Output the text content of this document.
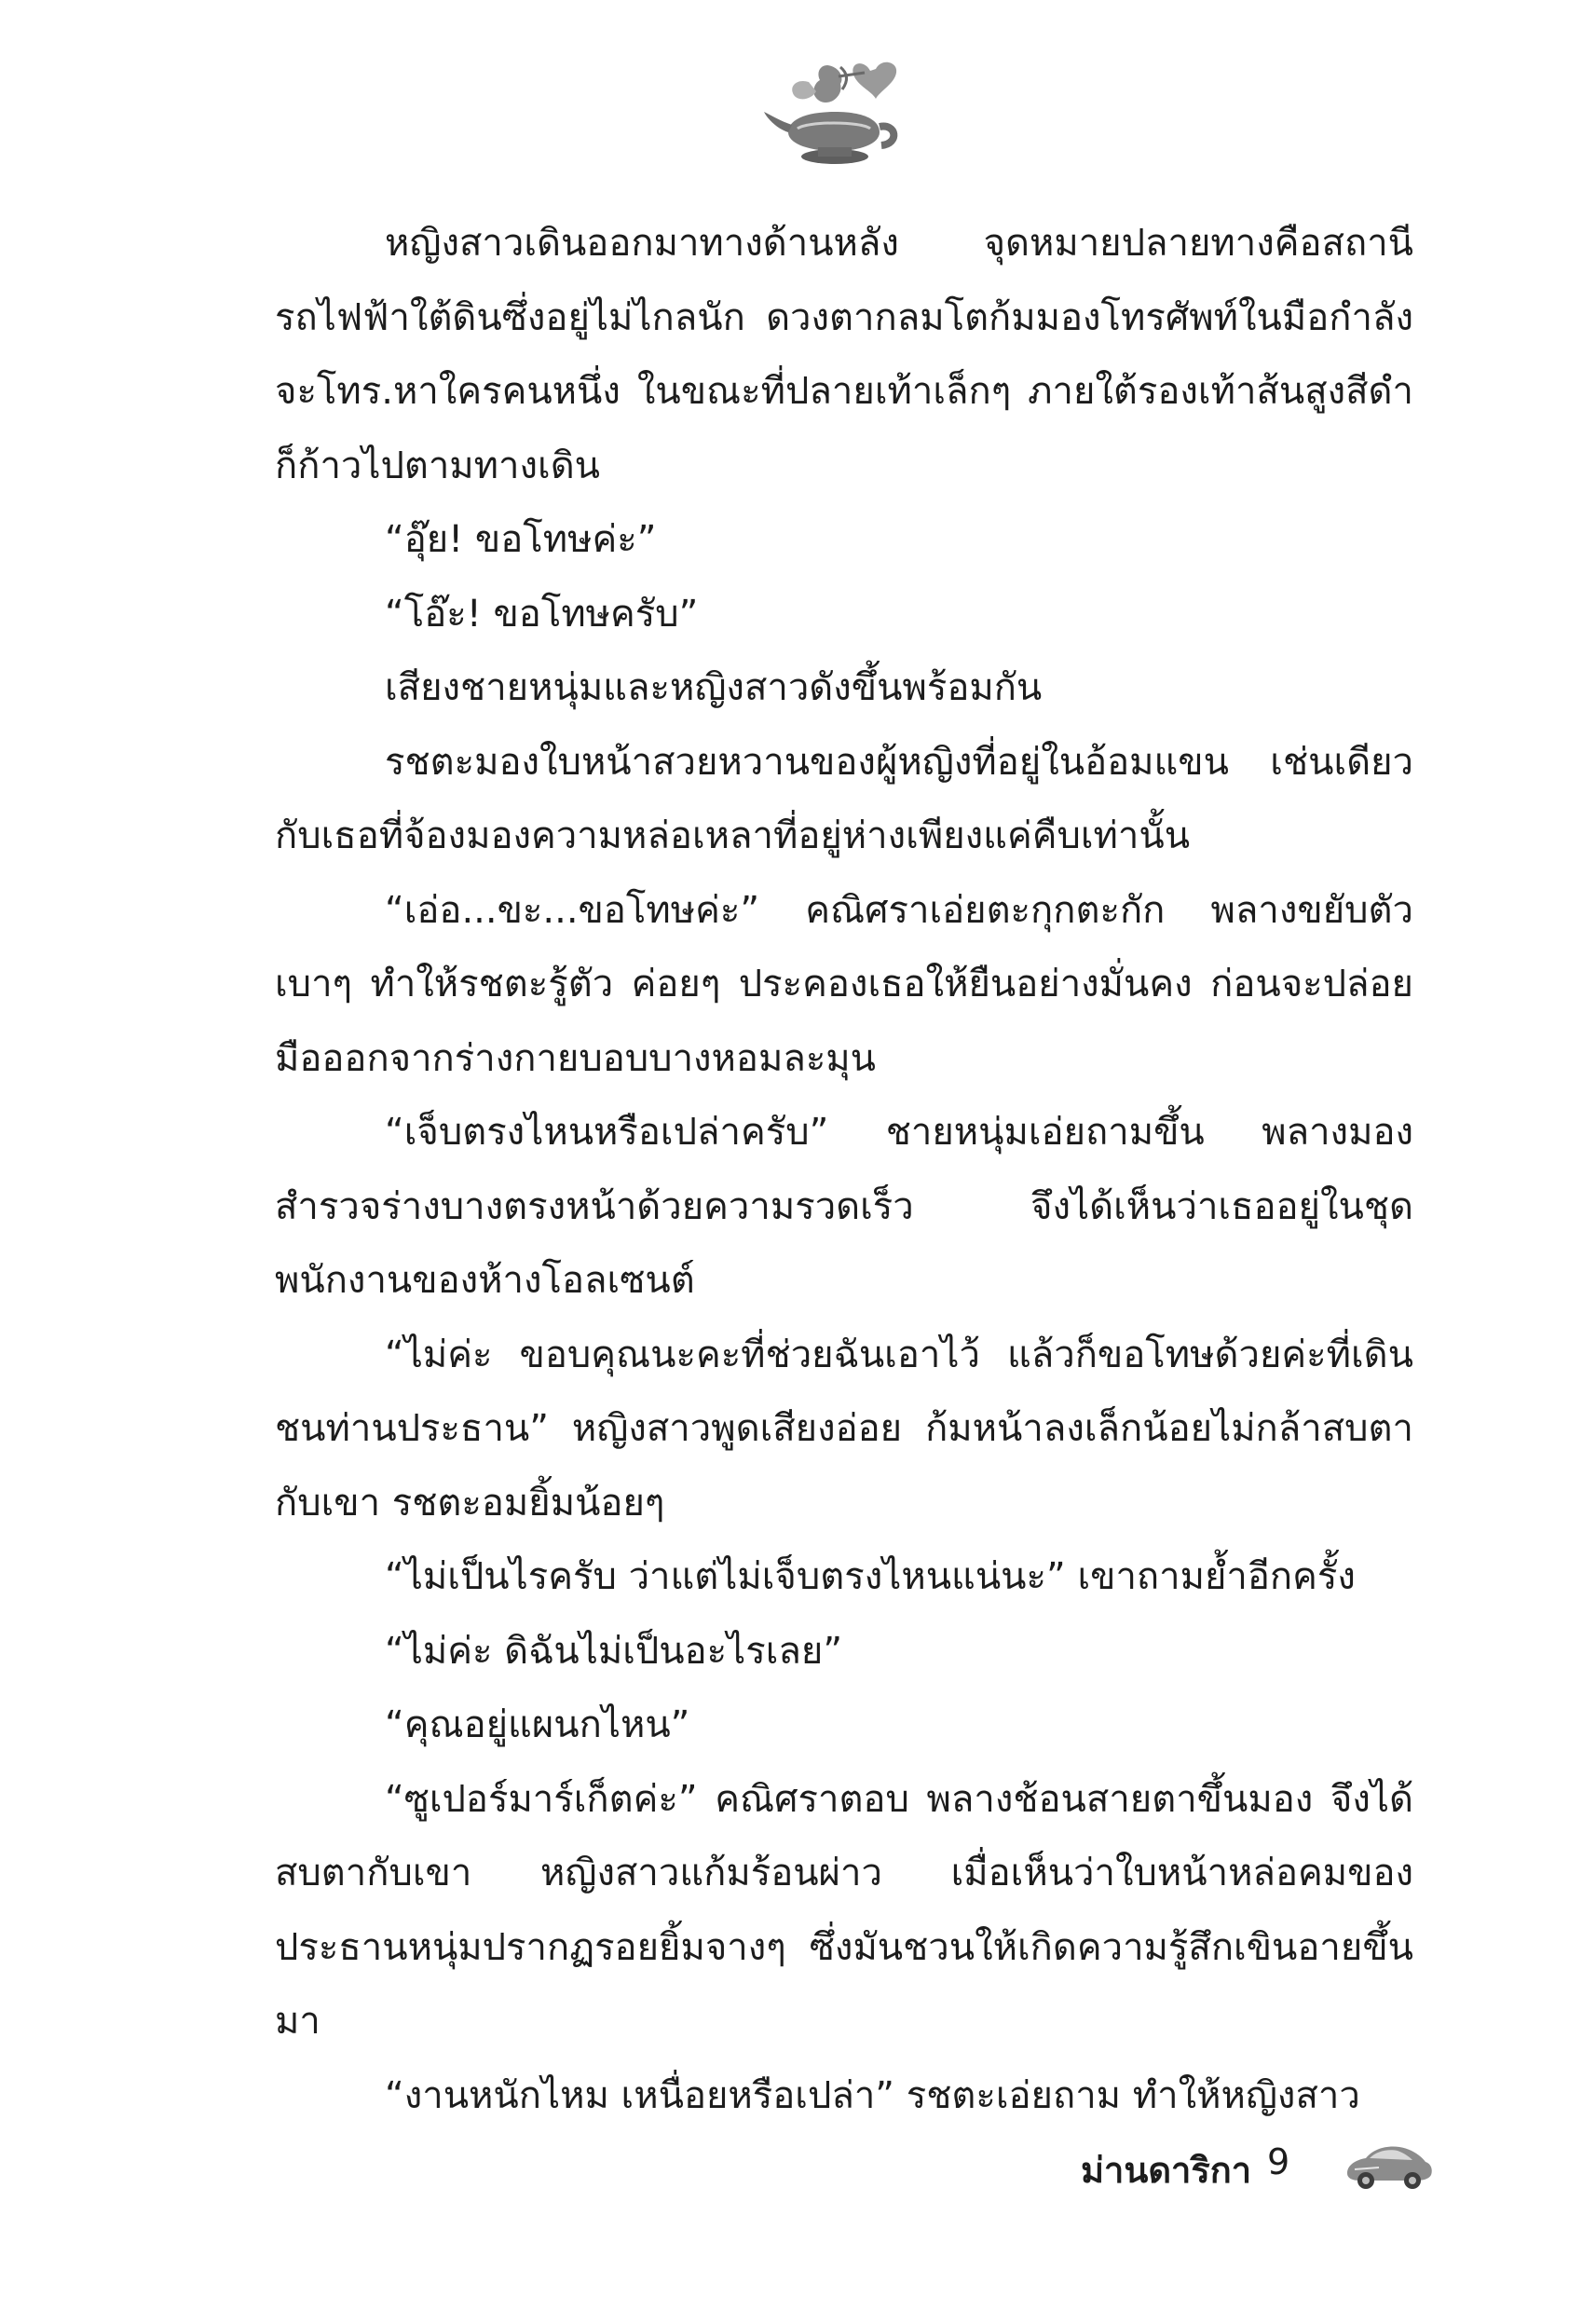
หญิงสาวเดินออกมาทางด้านหลัง จุดหมายปลายทางคือสถานีรถไฟฟ้าใต้ดินซึ่งอยู่ไม่ไกลนัก ดวงตากลมโตก้มมองโทรศัพท์ในมือกำลังจะโทร.หาใครคนหนึ่ง ในขณะที่ปลายเท้าเล็กๆ ภายใต้รองเท้าส้นสูงสีดำก็ก้าวไปตามทางเดิน

“อุ๊ย! ขอโทษค่ะ”

“โอ๊ะ! ขอโทษครับ”

เสียงชายหนุ่มและหญิงสาวดังขึ้นพร้อมกัน

รชตะมองใบหน้าสวยหวานของผู้หญิงที่อยู่ในอ้อมแขน เช่นเดียวกับเธอที่จ้องมองความหล่อเหลาที่อยู่ห่างเพียงแค่คืบเท่านั้น

“เอ่อ...ขะ...ขอโทษค่ะ” คณิศราเอ่ยตะกุกตะกัก พลางขยับตัวเบาๆ ทำให้รชตะรู้ตัว ค่อยๆ ประคองเธอให้ยืนอย่างมั่นคง ก่อนจะปล่อยมือออกจากร่างกายบอบบางหอมละมุน

“เจ็บตรงไหนหรือเปล่าครับ” ชายหนุ่มเอ่ยถามขึ้น พลางมองสำรวจร่างบางตรงหน้าด้วยความรวดเร็ว จึงได้เห็นว่าเธออยู่ในชุดพนักงานของห้างโอลเซนต์

“ไม่ค่ะ ขอบคุณนะคะที่ช่วยฉันเอาไว้ แล้วก็ขอโทษด้วยค่ะที่เดินชนท่านประธาน” หญิงสาวพูดเสียงอ่อย ก้มหน้าลงเล็กน้อยไม่กล้าสบตากับเขา รชตะอมยิ้มน้อยๆ

“ไม่เป็นไรครับ ว่าแต่ไม่เจ็บตรงไหนแน่นะ” เขาถามย้ำอีกครั้ง

“ไม่ค่ะ ดิฉันไม่เป็นอะไรเลย”

“คุณอยู่แผนกไหน”

“ซูเปอร์มาร์เก็ตค่ะ” คณิศราตอบ พลางช้อนสายตาขึ้นมอง จึงได้สบตากับเขา หญิงสาวแก้มร้อนผ่าว เมื่อเห็นว่าใบหน้าหล่อคมของประธานหนุ่มปรากฏรอยยิ้มจางๆ ซึ่งมันชวนให้เกิดความรู้สึกเขินอายขึ้นมา

“งานหนักไหม เหนื่อยหรือเปล่า” รชตะเอ่ยถาม ทำให้หญิงสาว

ม่านดาริกา 9
